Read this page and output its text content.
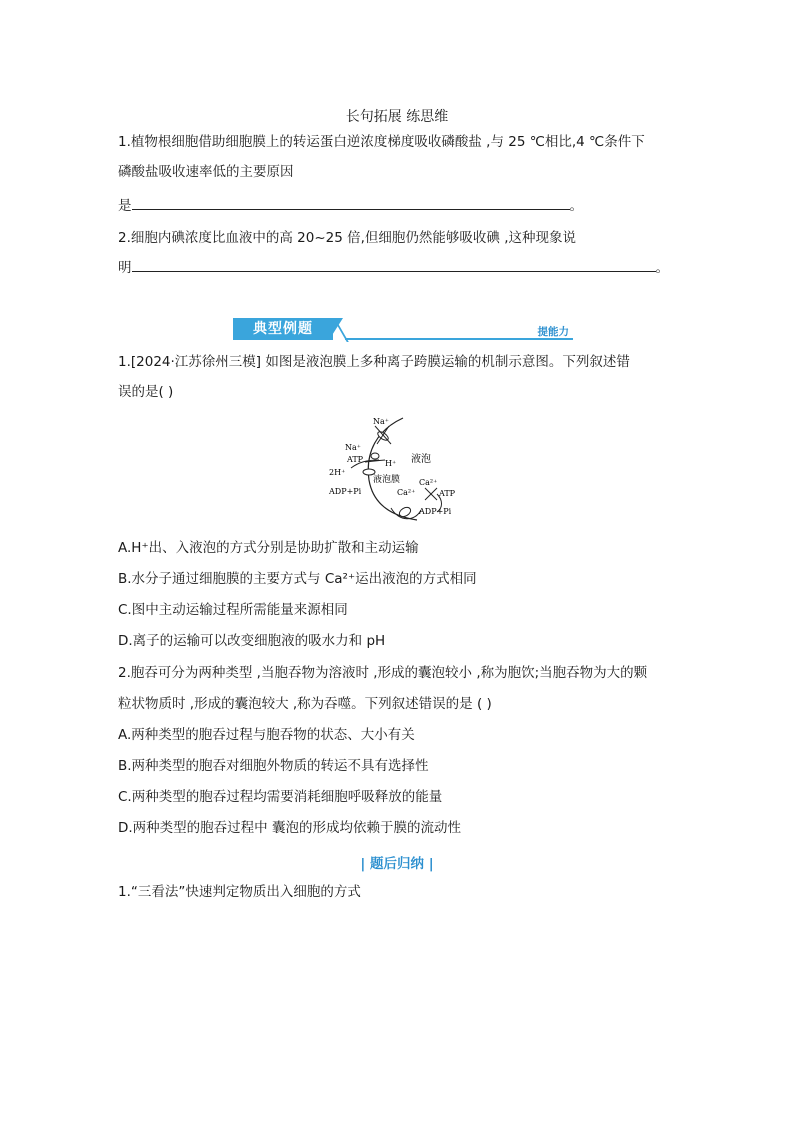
长句拓展 练思维
1.植物根细胞借助细胞膜上的转运蛋白逆浓度梯度吸收磷酸盐 ,与 25 ℃相比,4 ℃条件下
磷酸盐吸收速率低的主要原因
是	。
2.细胞内碘浓度比血液中的高 20~25 倍,但细胞仍然能够吸收碘 ,这种现象说
明	。
典型例题	提能力
1.[2024·江苏徐州三模] 如图是液泡膜上多种离子跨膜运输的机制示意图。下列叙述错
误的是( )
Na⁺
Na⁺
ATP
2H⁺
H⁺ 液泡
液泡膜 Ca²⁺
Ca²⁺	ATP
ADP+Pi
ADP+Pi
A.H⁺出、入液泡的方式分别是协助扩散和主动运输
B.水分子通过细胞膜的主要方式与 Ca²⁺运出液泡的方式相同
C.图中主动运输过程所需能量来源相同
D.离子的运输可以改变细胞液的吸水力和 pH
2.胞吞可分为两种类型 ,当胞吞物为溶液时 ,形成的囊泡较小 ,称为胞饮;当胞吞物为大的颗
粒状物质时 ,形成的囊泡较大 ,称为吞噬。下列叙述错误的是 ( )
A.两种类型的胞吞过程与胞吞物的状态、大小有关
B.两种类型的胞吞对细胞外物质的转运不具有选择性
C.两种类型的胞吞过程均需要消耗细胞呼吸释放的能量
D.两种类型的胞吞过程中 囊泡的形成均依赖于膜的流动性
| 题后归纳 |
1.“三看法”快速判定物质出入细胞的方式
